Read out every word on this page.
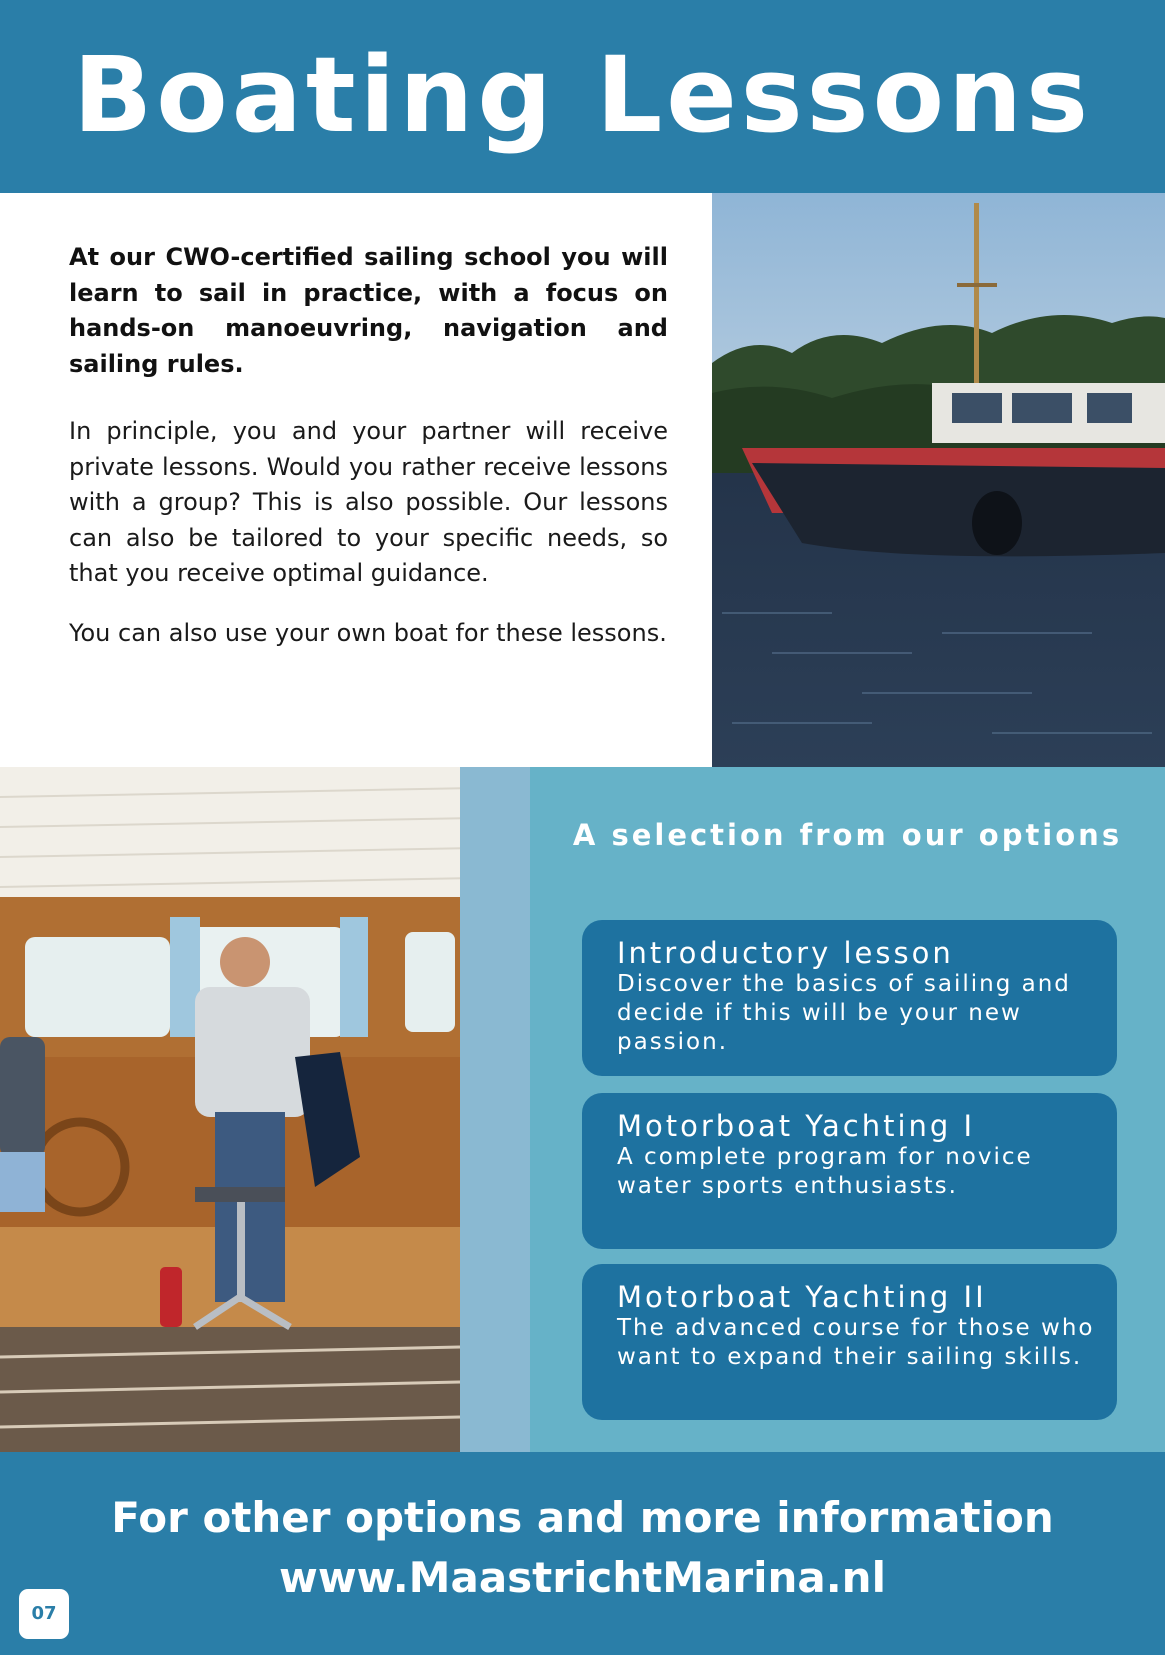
Boating Lessons

At our CWO-certified sailing school you will learn to sail in practice, with a focus on hands-on manoeuvring, navigation and sailing rules.

In principle, you and your partner will receive private lessons. Would you rather receive lessons with a group? This is also possible. Our lessons can also be tailored to your specific needs, so that you receive optimal guidance.

You can also use your own boat for these lessons.

A selection from our options
Introductory lesson
Discover the basics of sailing and decide if this will be your new passion.
Motorboat Yachting I
A complete program for novice water sports enthusiasts.
Motorboat Yachting II
The advanced course for those who want to expand their sailing skills.
For other options and more information
www.MaastrichtMarina.nl
07
